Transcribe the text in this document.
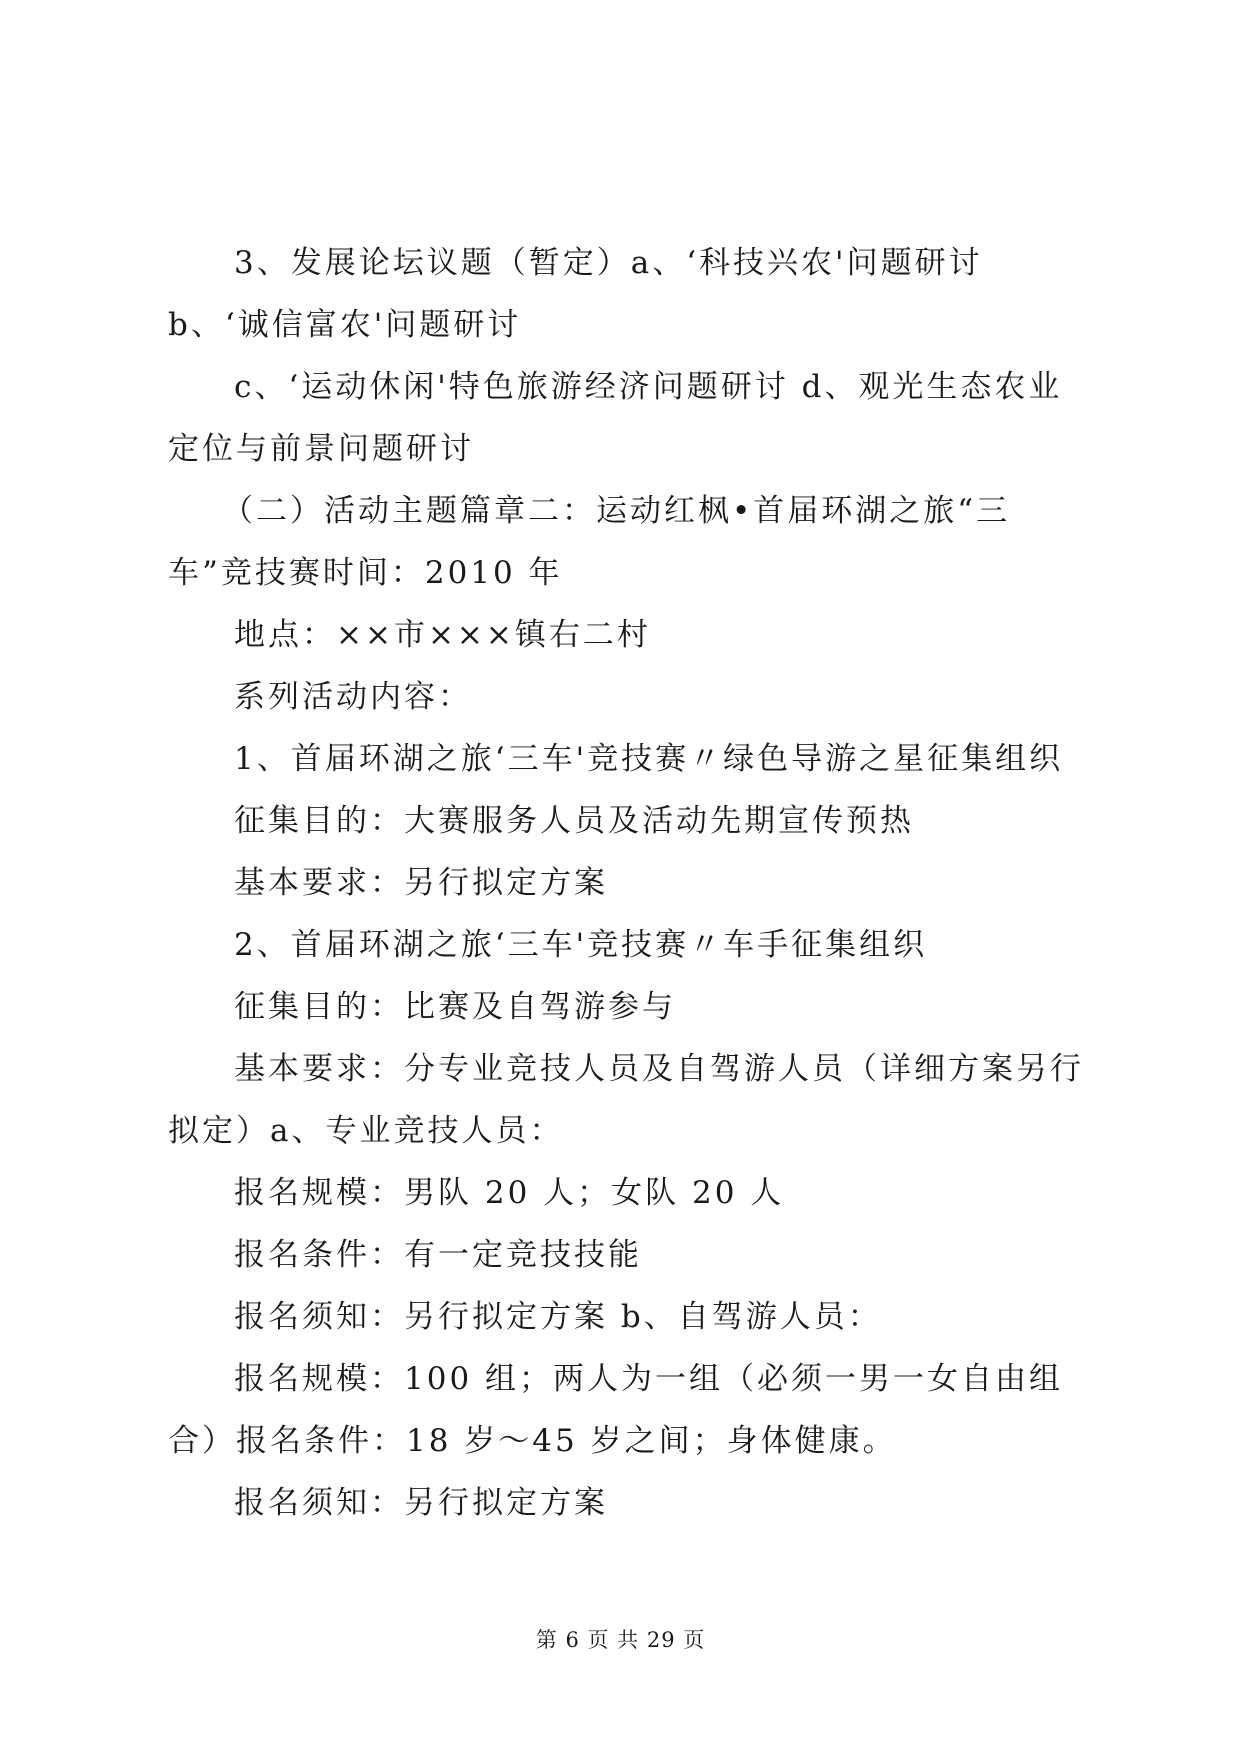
3、发展论坛议题（暂定）a、‘科技兴农'问题研讨 b、‘诚信富农'问题研讨

c、‘运动休闲'特色旅游经济问题研讨 d、观光生态农业定位与前景问题研讨

（二）活动主题篇章二：运动红枫•首届环湖之旅“三车”竞技赛时间：2010 年

地点：××市×××镇右二村

系列活动内容：

1、首届环湖之旅‘三车'竞技赛〃绿色导游之星征集组织

征集目的：大赛服务人员及活动先期宣传预热

基本要求：另行拟定方案

2、首届环湖之旅‘三车'竞技赛〃车手征集组织

征集目的：比赛及自驾游参与

基本要求：分专业竞技人员及自驾游人员（详细方案另行拟定）a、专业竞技人员：

报名规模：男队 20 人；女队 20 人

报名条件：有一定竞技技能

报名须知：另行拟定方案 b、自驾游人员：

报名规模：100 组；两人为一组（必须一男一女自由组合）报名条件：18 岁～45 岁之间；身体健康。

报名须知：另行拟定方案

第 6 页 共 29 页
